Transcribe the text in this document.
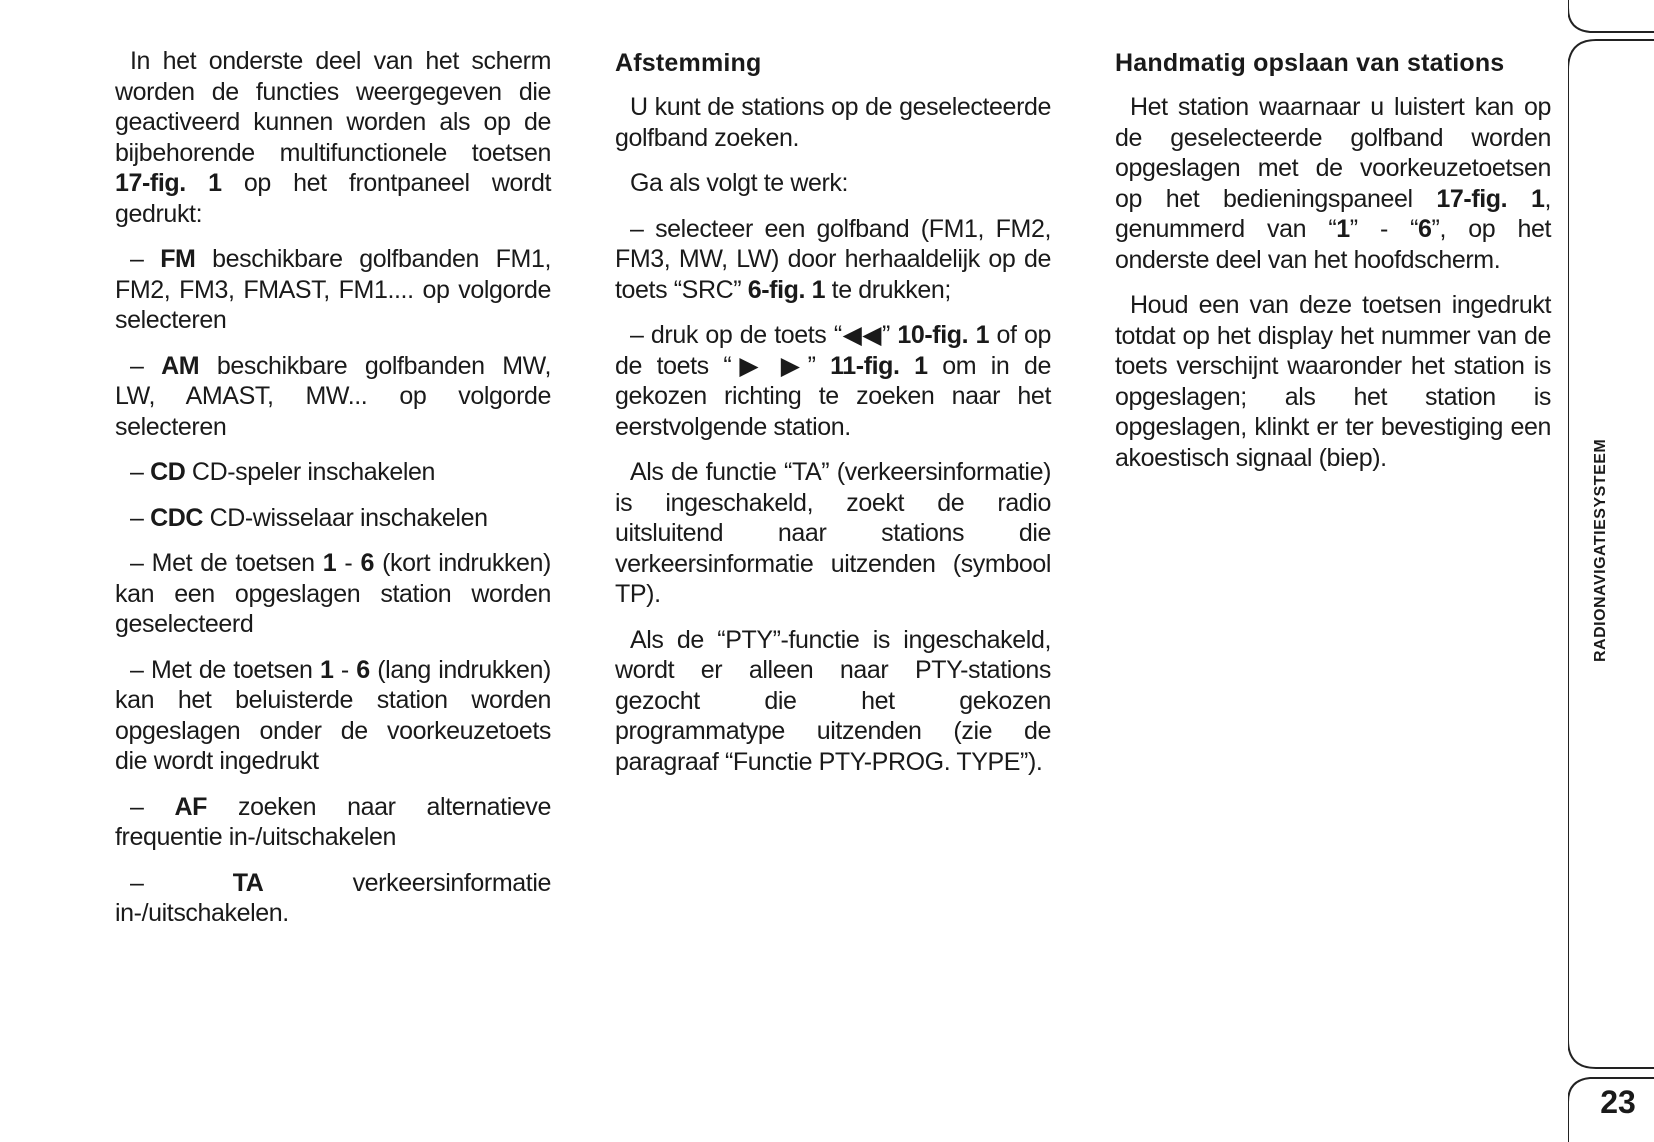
In het onderste deel van het scherm worden de functies weergegeven die geactiveerd kunnen worden als op de bijbehorende multifunctionele toetsen 17-fig. 1 op het frontpaneel wordt gedrukt:

– FM beschikbare golfbanden FM1, FM2, FM3, FMAST, FM1.... op volgorde selecteren

– AM beschikbare golfbanden MW, LW, AMAST, MW... op volgorde selecteren

– CD CD-speler inschakelen

– CDC CD-wisselaar inschakelen

– Met de toetsen 1 - 6 (kort indrukken) kan een opgeslagen station worden geselecteerd

– Met de toetsen 1 - 6 (lang indrukken) kan het beluisterde station worden opgeslagen onder de voorkeuzetoets die wordt ingedrukt

– AF zoeken naar alternatieve frequentie in-/uitschakelen

– TA	verkeersinformatie in-/uitschakelen.

Afstemming

U kunt de stations op de geselecteerde golfband zoeken.

Ga als volgt te werk:

– selecteer een golfband (FM1, FM2, FM3, MW, LW) door herhaaldelijk op de toets “SRC” 6-fig. 1 te drukken;

– druk op de toets “◀◀” 10-fig. 1 of op de toets “▶ ▶” 11-fig. 1 om in de gekozen richting te zoeken naar het eerstvolgende station.

Als de functie “TA” (verkeersinformatie) is ingeschakeld, zoekt de radio uitsluitend naar stations die verkeersinformatie uitzenden (symbool TP).

Als de “PTY”-functie is ingeschakeld, wordt er alleen naar PTY-stations gezocht die het gekozen programmatype uitzenden (zie de paragraaf “Functie PTY-PROG. TYPE”).

Handmatig opslaan van stations

Het station waarnaar u luistert kan op de geselecteerde golfband worden opgeslagen met de voorkeuzetoetsen op het bedieningspaneel 17-fig. 1, genummerd van “1” - “6”, op het onderste deel van het hoofdscherm.

Houd een van deze toetsen ingedrukt totdat op het display het nummer van de toets verschijnt waaronder het station is opgeslagen; als het station is opgeslagen, klinkt er ter bevestiging een akoestisch signaal (biep).	RADIONAVIGATIESYSTEEM
23
